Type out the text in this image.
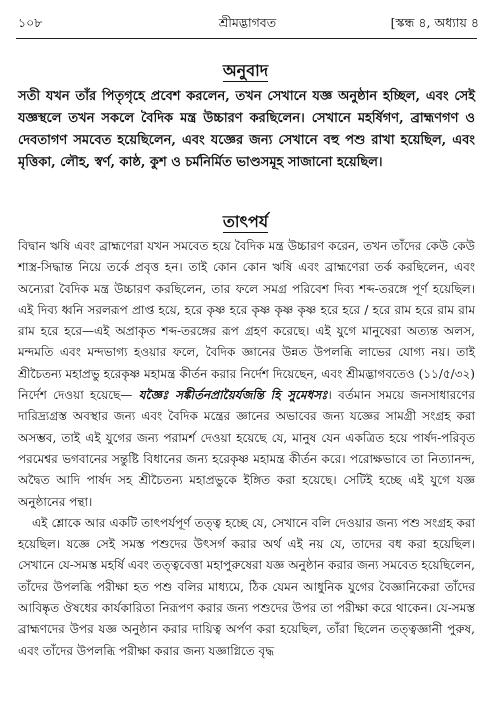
১০৮	শ্রীমদ্ভাগবত	[স্কন্ধ ৪, অধ্যায় ৪
অনুবাদ
সতী যখন তাঁর পিতৃগৃহে প্রবেশ করলেন, তখন সেখানে যজ্ঞ অনুষ্ঠান হচ্ছিল, এবং সেই যজ্ঞস্থলে তখন সকলে বৈদিক মন্ত্র উচ্চারণ করছিলেন। সেখানে মহর্ষিগণ, ব্রাহ্মণগণ ও দেবতাগণ সমবেত হয়েছিলেন, এবং যজ্ঞের জন্য সেখানে বহু পশু রাখা হয়েছিল, এবং মৃত্তিকা, লৌহ, স্বর্ণ, কাষ্ঠ, কুশ ও চর্মনির্মিত ভাণ্ডসমূহ সাজানো হয়েছিল।
তাৎপর্য

বিদ্বান ঋষি এবং ব্রাহ্মণেরা যখন সমবেত হয়ে বৈদিক মন্ত্র উচ্চারণ করেন, তখন তাঁদের কেউ কেউ শাস্ত্র-সিদ্ধান্ত নিয়ে তর্কে প্রবৃত্ত হন। তাই কোন কোন ঋষি এবং ব্রাহ্মণেরা তর্ক করছিলেন, এবং অন্যেরা বৈদিক মন্ত্র উচ্চারণ করছিলেন, তার ফলে সমগ্র পরিবেশ দিব্য শব্দ-তরঙ্গে পূর্ণ হয়েছিল। এই দিব্য ধ্বনি সরলরূপ প্রাপ্ত হয়ে, হরে কৃষ্ণ হরে কৃষ্ণ কৃষ্ণ কৃষ্ণ হরে হরে / হরে রাম হরে রাম রাম রাম হরে হরে—এই অপ্রাকৃত শব্দ-তরঙ্গের রূপ গ্রহণ করেছে। এই যুগে মানুষেরা অত্যন্ত অলস, মন্দমতি এবং মন্দভাগ্য হওয়ার ফলে, বৈদিক জ্ঞানের উন্নত উপলব্ধি লাভের যোগ্য নয়। তাই শ্রীচৈতন্য মহাপ্রভু হরেকৃষ্ণ মহামন্ত্র কীর্তন করার নির্দেশ দিয়েছেন, এবং শ্রীমদ্ভাগবতেও (১১/৫/৩২) নির্দেশ দেওয়া হয়েছে— যজ্ঞৈঃ সঙ্কীর্তনপ্রায়ৈর্যজন্তি হি সুমেধসঃ। বর্তমান সময়ে জনসাধারণের দারিদ্র্যগ্রস্ত অবস্থার জন্য এবং বৈদিক মন্ত্রের জ্ঞানের অভাবের জন্য যজ্ঞের সামগ্রী সংগ্রহ করা অসম্ভব, তাই এই যুগের জন্য পরামর্শ দেওয়া হয়েছে যে, মানুষ যেন একত্রিত হয়ে পার্ষদ-পরিবৃত পরমেশ্বর ভগবানের সন্তুষ্টি বিধানের জন্য হরেকৃষ্ণ মহামন্ত্র কীর্তন করে। পরোক্ষভাবে তা নিত্যানন্দ, অদ্বৈত আদি পার্ষদ সহ শ্রীচৈতন্য মহাপ্রভুকে ইঙ্গিত করা হয়েছে। সেটিই হচ্ছে এই যুগে যজ্ঞ অনুষ্ঠানের পন্থা।

এই শ্লোকে আর একটি তাৎপর্যপূর্ণ তত্ত্ব হচ্ছে যে, সেখানে বলি দেওয়ার জন্য পশু সংগ্রহ করা হয়েছিল। যজ্ঞে সেই সমস্ত পশুদের উৎসর্গ করার অর্থ এই নয় যে, তাদের বধ করা হয়েছিল। সেখানে যে-সমস্ত মহর্ষি এবং তত্ত্ববেত্তা মহাপুরুষেরা যজ্ঞ অনুষ্ঠান করার জন্য সমবেত হয়েছিলেন, তাঁদের উপলব্ধি পরীক্ষা হত পশু বলির মাধ্যমে, ঠিক যেমন আধুনিক যুগের বৈজ্ঞানিকেরা তাঁদের আবিষ্কৃত ঔষধের কার্যকারিতা নিরূপণ করার জন্য পশুদের উপর তা পরীক্ষা করে থাকেন। যে-সমস্ত ব্রাহ্মণদের উপর যজ্ঞ অনুষ্ঠান করার দায়িত্ব অর্পণ করা হয়েছিল, তাঁরা ছিলেন তত্ত্বজ্ঞানী পুরুষ, এবং তাঁদের উপলব্ধি পরীক্ষা করার জন্য যজ্ঞাগ্নিতে বৃদ্ধ
